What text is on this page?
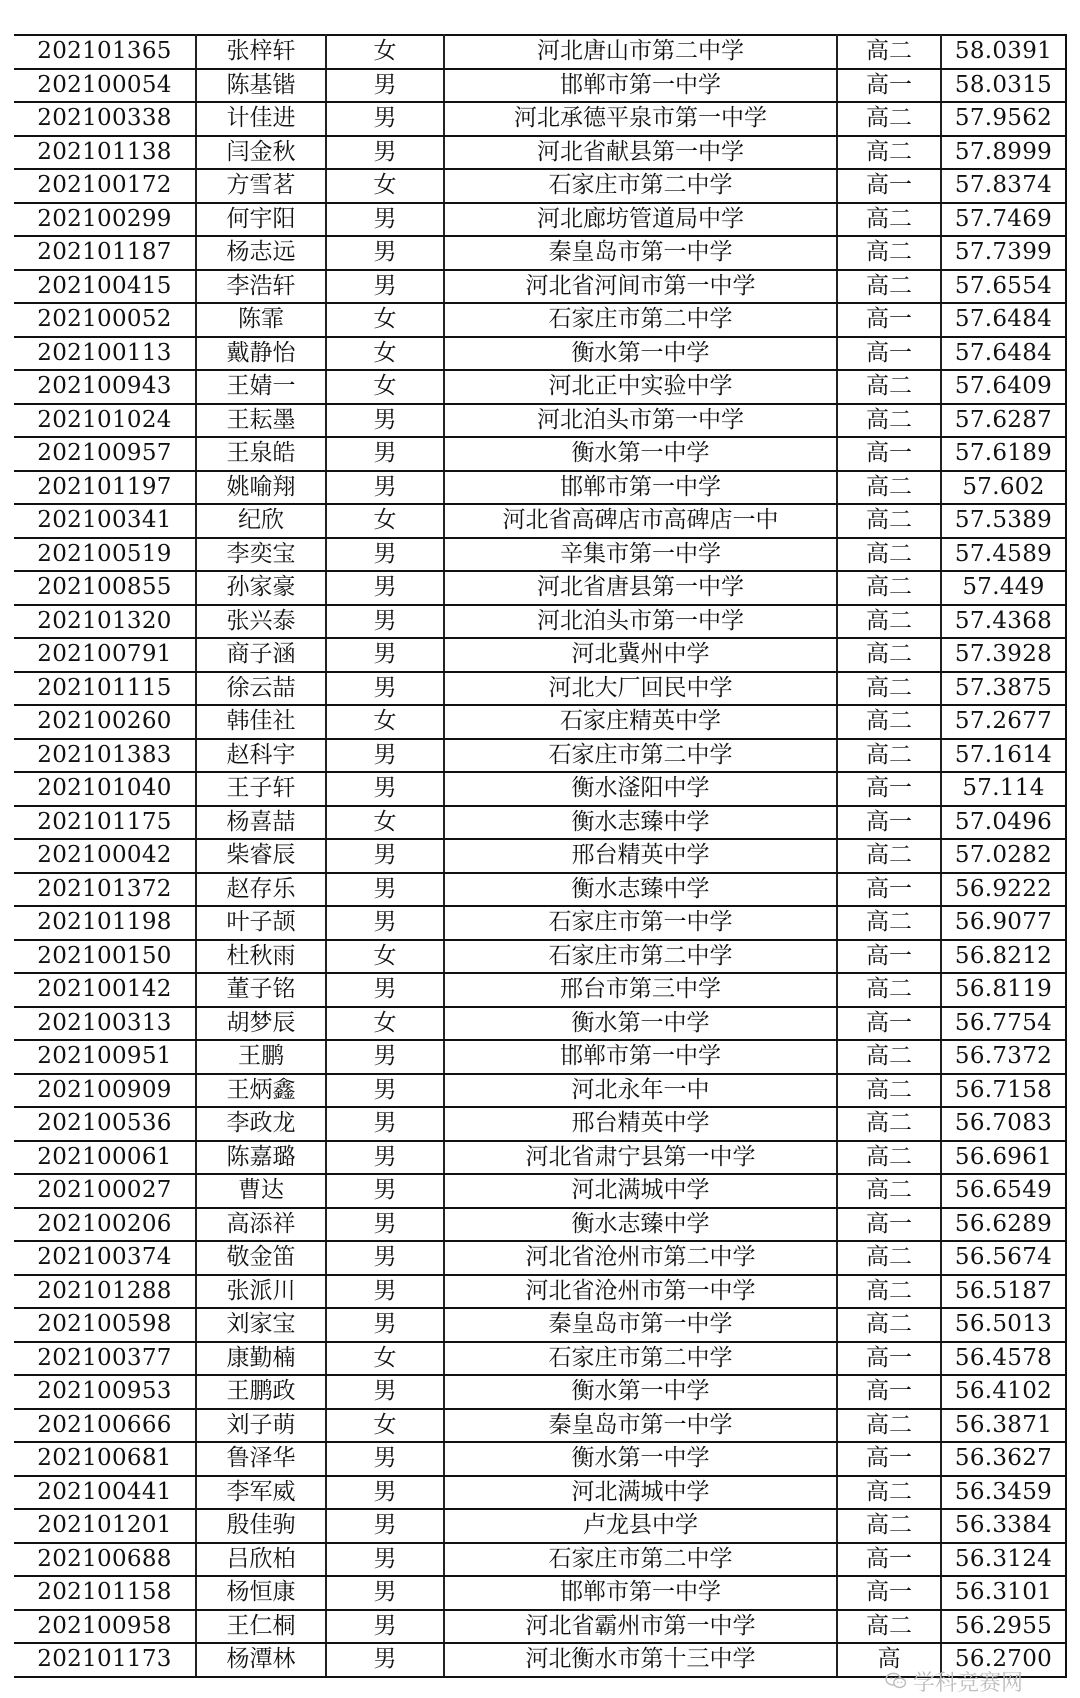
202101365	张梓轩	女	河北唐山市第二中学	高二	58.0391
202100054	陈基锴	男	邯郸市第一中学	高一	58.0315
202100338	计佳进	男	河北承德平泉市第一中学	高二	57.9562
202101138	闫金秋	男	河北省献县第一中学	高二	57.8999
202100172	方雪茗	女	石家庄市第二中学	高一	57.8374
202100299	何宇阳	男	河北廊坊管道局中学	高二	57.7469
202101187	杨志远	男	秦皇岛市第一中学	高二	57.7399
202100415	李浩轩	男	河北省河间市第一中学	高二	57.6554
202100052	陈霏	女	石家庄市第二中学	高一	57.6484
202100113	戴静怡	女	衡水第一中学	高一	57.6484
202100943	王婧一	女	河北正中实验中学	高二	57.6409
202101024	王耘墨	男	河北泊头市第一中学	高二	57.6287
202100957	王泉皓	男	衡水第一中学	高一	57.6189
202101197	姚喻翔	男	邯郸市第一中学	高二	57.602
202100341	纪欣	女	河北省高碑店市高碑店一中	高二	57.5389
202100519	李奕宝	男	辛集市第一中学	高二	57.4589
202100855	孙家豪	男	河北省唐县第一中学	高二	57.449
202101320	张兴泰	男	河北泊头市第一中学	高二	57.4368
202100791	商子涵	男	河北冀州中学	高二	57.3928
202101115	徐云喆	男	河北大厂回民中学	高二	57.3875
202100260	韩佳社	女	石家庄精英中学	高二	57.2677
202101383	赵科宇	男	石家庄市第二中学	高二	57.1614
202101040	王子轩	男	衡水滏阳中学	高一	57.114
202101175	杨喜喆	女	衡水志臻中学	高一	57.0496
202100042	柴睿辰	男	邢台精英中学	高二	57.0282
202101372	赵存乐	男	衡水志臻中学	高一	56.9222
202101198	叶子颉	男	石家庄市第一中学	高二	56.9077
202100150	杜秋雨	女	石家庄市第二中学	高一	56.8212
202100142	董子铭	男	邢台市第三中学	高二	56.8119
202100313	胡梦辰	女	衡水第一中学	高一	56.7754
202100951	王鹏	男	邯郸市第一中学	高二	56.7372
202100909	王炳鑫	男	河北永年一中	高二	56.7158
202100536	李政龙	男	邢台精英中学	高二	56.7083
202100061	陈嘉璐	男	河北省肃宁县第一中学	高二	56.6961
202100027	曹达	男	河北满城中学	高二	56.6549
202100206	高添祥	男	衡水志臻中学	高一	56.6289
202100374	敬金笛	男	河北省沧州市第二中学	高二	56.5674
202101288	张派川	男	河北省沧州市第一中学	高二	56.5187
202100598	刘家宝	男	秦皇岛市第一中学	高二	56.5013
202100377	康勤楠	女	石家庄市第二中学	高一	56.4578
202100953	王鹏政	男	衡水第一中学	高一	56.4102
202100666	刘子萌	女	秦皇岛市第一中学	高二	56.3871
202100681	鲁泽华	男	衡水第一中学	高一	56.3627
202100441	李军威	男	河北满城中学	高二	56.3459
202101201	殷佳驹	男	卢龙县中学	高二	56.3384
202100688	吕欣柏	男	石家庄市第二中学	高一	56.3124
202101158	杨恒康	男	邯郸市第一中学	高一	56.3101
202100958	王仁桐	男	河北省霸州市第一中学	高二	56.2955
202101173	杨潭林	男	河北衡水市第十三中学	高	56.2700
学科竞赛网
